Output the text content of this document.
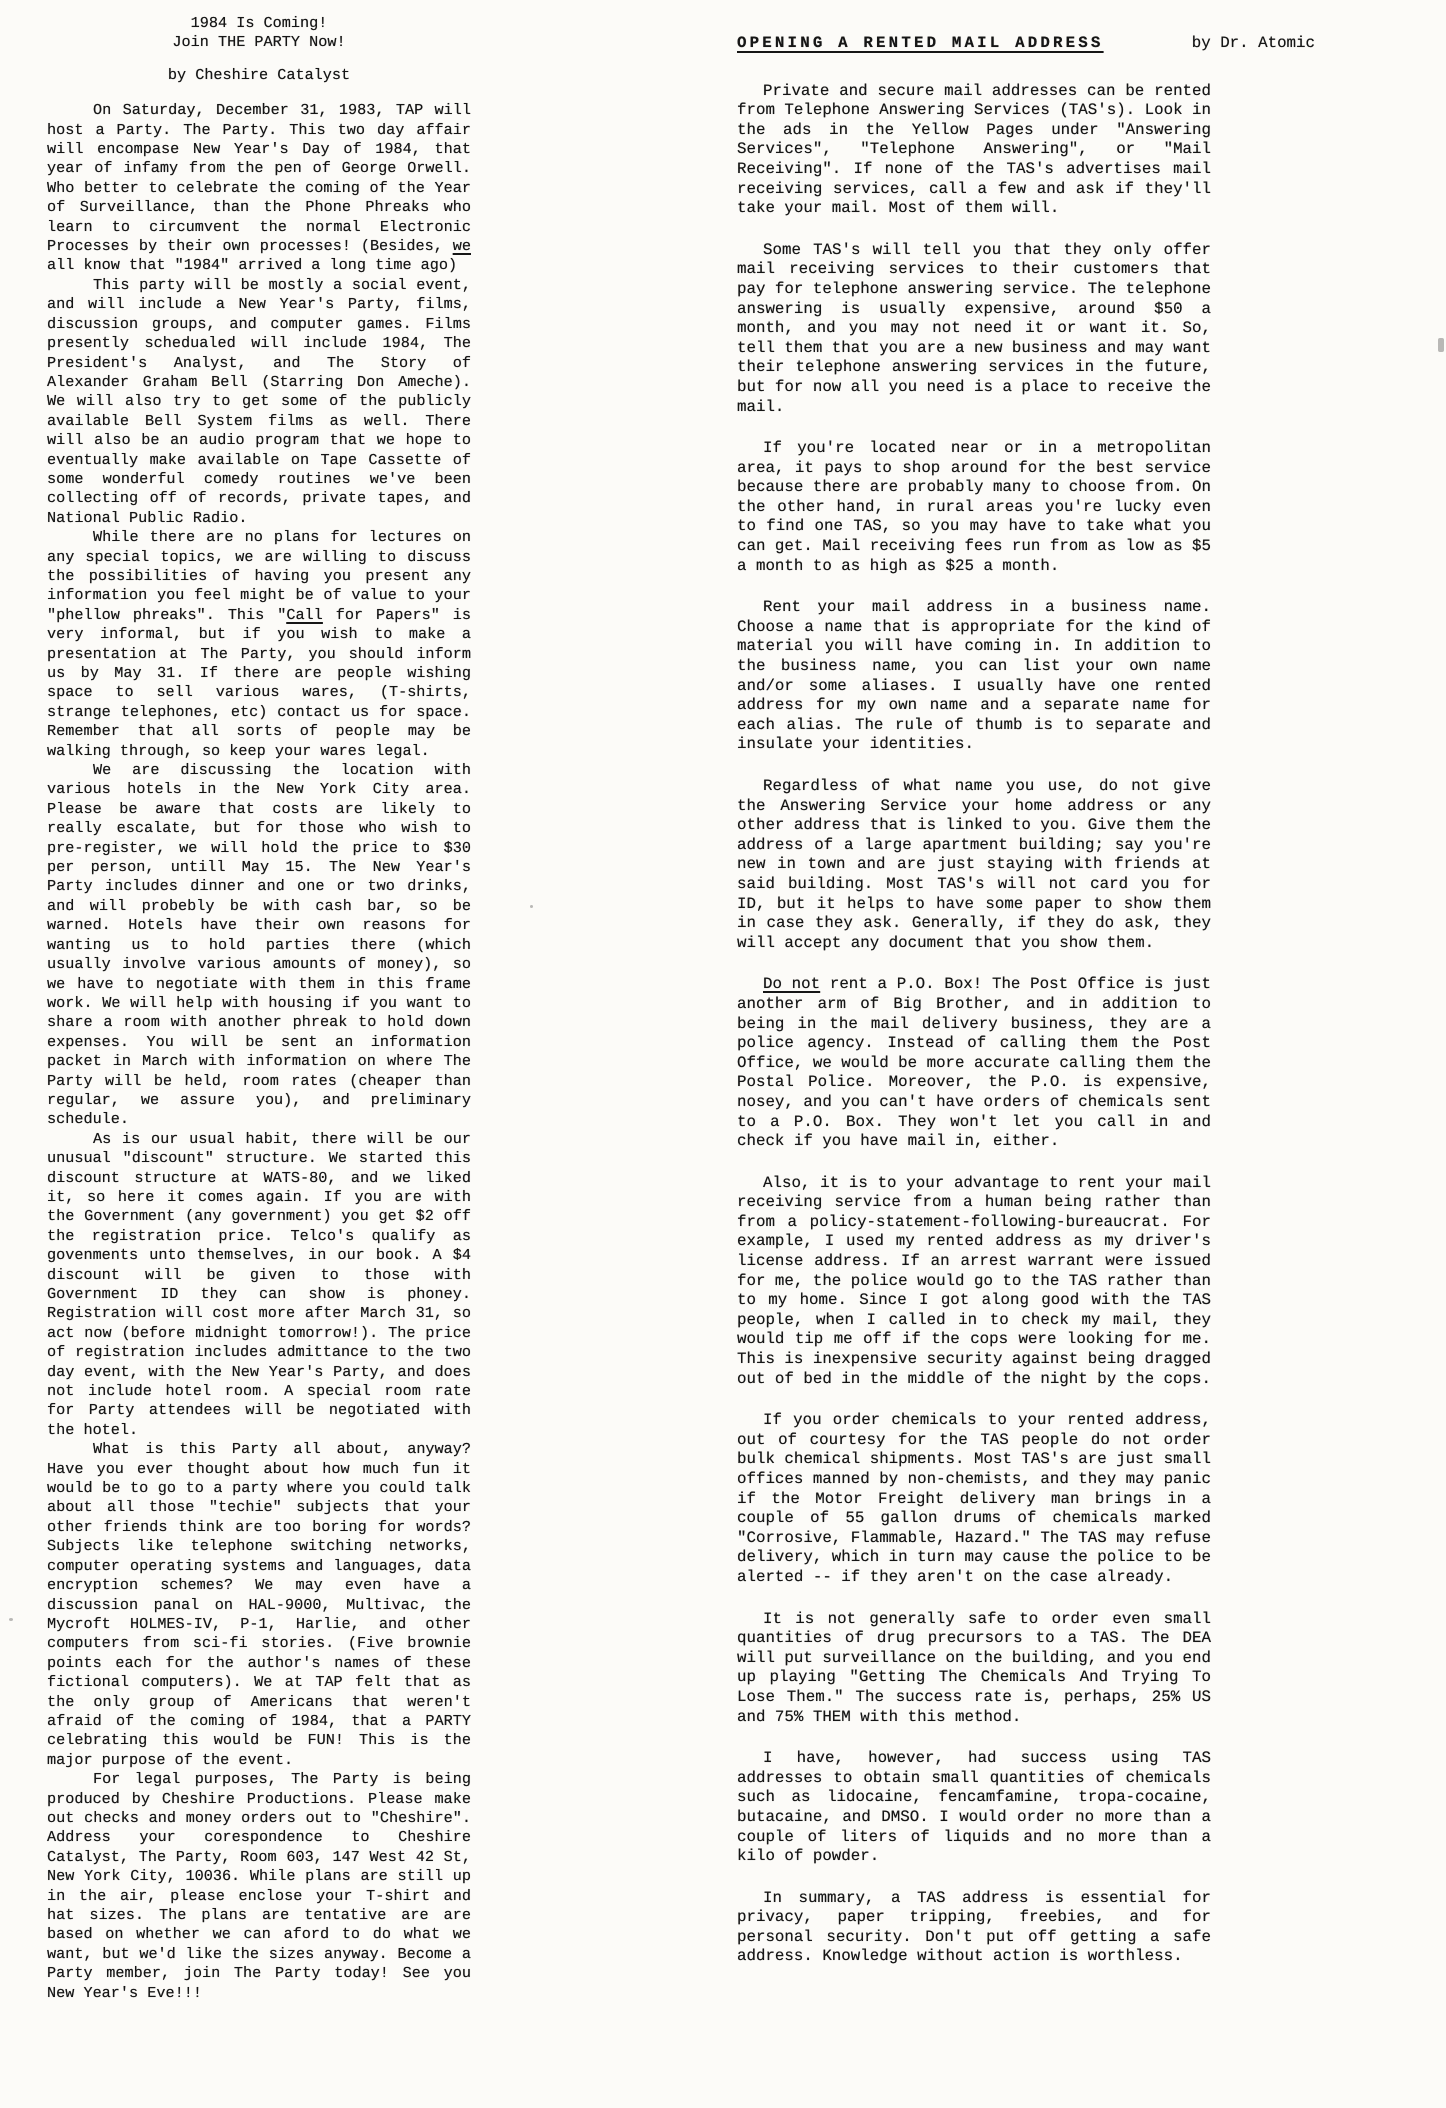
1984 Is Coming!
Join THE PARTY Now!
by Cheshire Catalyst

On Saturday, December 31, 1983, TAP will host a Party. The Party. This two day affair will encompase New Year's Day of 1984, that year of infamy from the pen of George Orwell. Who better to celebrate the coming of the Year of Surveillance, than the Phone Phreaks who learn to circumvent the normal Electronic Processes by their own processes! (Besides, we all know that "1984" arrived a long time ago)

This party will be mostly a social event, and will include a New Year's Party, films, discussion groups, and computer games. Films presently schedualed will include 1984, The President's Analyst, and The Story of Alexander Graham Bell (Starring Don Ameche). We will also try to get some of the publicly available Bell System films as well. There will also be an audio program that we hope to eventually make available on Tape Cassette of some wonderful comedy routines we've been collecting off of records, private tapes, and National Public Radio.

While there are no plans for lectures on any special topics, we are willing to discuss the possibilities of having you present any information you feel might be of value to your "phellow phreaks". This "Call for Papers" is very informal, but if you wish to make a presentation at The Party, you should inform us by May 31. If there are people wishing space to sell various wares, (T-shirts, strange telephones, etc) contact us for space. Remember that all sorts of people may be walking through, so keep your wares legal.

We are discussing the location with various hotels in the New York City area. Please be aware that costs are likely to really escalate, but for those who wish to pre-register, we will hold the price to $30 per person, untill May 15. The New Year's Party includes dinner and one or two drinks, and will probebly be with cash bar, so be warned. Hotels have their own reasons for wanting us to hold parties there (which usually involve various amounts of money), so we have to negotiate with them in this frame work. We will help with housing if you want to share a room with another phreak to hold down expenses. You will be sent an information packet in March with information on where The Party will be held, room rates (cheaper than regular, we assure you), and preliminary schedule.

As is our usual habit, there will be our unusual "discount" structure. We started this discount structure at WATS-80, and we liked it, so here it comes again. If you are with the Government (any government) you get $2 off the registration price. Telco's qualify as govenments unto themselves, in our book. A $4 discount will be given to those with Government ID they can show is phoney. Registration will cost more after March 31, so act now (before midnight tomorrow!). The price of registration includes admittance to the two day event, with the New Year's Party, and does not include hotel room. A special room rate for Party attendees will be negotiated with the hotel.

What is this Party all about, anyway? Have you ever thought about how much fun it would be to go to a party where you could talk about all those "techie" subjects that your other friends think are too boring for words? Subjects like telephone switching networks, computer operating systems and languages, data encryption schemes? We may even have a discussion panal on HAL-9000, Multivac, the Mycroft HOLMES-IV, P-1, Harlie, and other computers from sci-fi stories. (Five brownie points each for the author's names of these fictional computers). We at TAP felt that as the only group of Americans that weren't afraid of the coming of 1984, that a PARTY celebrating this would be FUN! This is the major purpose of the event.

For legal purposes, The Party is being produced by Cheshire Productions. Please make out checks and money orders out to "Cheshire". Address your corespondence to Cheshire Catalyst, The Party, Room 603, 147 West 42 St, New York City, 10036. While plans are still up in the air, please enclose your T-shirt and hat sizes. The plans are tentative are are based on whether we can aford to do what we want, but we'd like the sizes anyway. Become a Party member, join The Party today! See you New Year's Eve!!!

OPENING A RENTED MAIL ADDRESS	by Dr. Atomic

Private and secure mail addresses can be rented from Telephone Answering Services (TAS's). Look in the ads in the Yellow Pages under "Answering Services", "Telephone Answering", or "Mail Receiving". If none of the TAS's advertises mail receiving services, call a few and ask if they'll take your mail. Most of them will.

Some TAS's will tell you that they only offer mail receiving services to their customers that pay for telephone answering service. The telephone answering is usually expensive, around $50 a month, and you may not need it or want it. So, tell them that you are a new business and may want their telephone answering services in the future, but for now all you need is a place to receive the mail.

If you're located near or in a metropolitan area, it pays to shop around for the best service because there are probably many to choose from. On the other hand, in rural areas you're lucky even to find one TAS, so you may have to take what you can get. Mail receiving fees run from as low as $5 a month to as high as $25 a month.

Rent your mail address in a business name. Choose a name that is appropriate for the kind of material you will have coming in. In addition to the business name, you can list your own name and/or some aliases. I usually have one rented address for my own name and a separate name for each alias. The rule of thumb is to separate and insulate your identities.

Regardless of what name you use, do not give the Answering Service your home address or any other address that is linked to you. Give them the address of a large apartment building; say you're new in town and are just staying with friends at said building. Most TAS's will not card you for ID, but it helps to have some paper to show them in case they ask. Generally, if they do ask, they will accept any document that you show them.

Do not rent a P.O. Box! The Post Office is just another arm of Big Brother, and in addition to being in the mail delivery business, they are a police agency. Instead of calling them the Post Office, we would be more accurate calling them the Postal Police. Moreover, the P.O. is expensive, nosey, and you can't have orders of chemicals sent to a P.O. Box. They won't let you call in and check if you have mail in, either.

Also, it is to your advantage to rent your mail receiving service from a human being rather than from a policy-statement-following-bureaucrat. For example, I used my rented address as my driver's license address. If an arrest warrant were issued for me, the police would go to the TAS rather than to my home. Since I got along good with the TAS people, when I called in to check my mail, they would tip me off if the cops were looking for me. This is inexpensive security against being dragged out of bed in the middle of the night by the cops.

If you order chemicals to your rented address, out of courtesy for the TAS people do not order bulk chemical shipments. Most TAS's are just small offices manned by non-chemists, and they may panic if the Motor Freight delivery man brings in a couple of 55 gallon drums of chemicals marked "Corrosive, Flammable, Hazard." The TAS may refuse delivery, which in turn may cause the police to be alerted -- if they aren't on the case already.

It is not generally safe to order even small quantities of drug precursors to a TAS. The DEA will put surveillance on the building, and you end up playing "Getting The Chemicals And Trying To Lose Them." The success rate is, perhaps, 25% US and 75% THEM with this method.

I have, however, had success using TAS addresses to obtain small quantities of chemicals such as lidocaine, fencamfamine, tropa-cocaine, butacaine, and DMSO. I would order no more than a couple of liters of liquids and no more than a kilo of powder.

In summary, a TAS address is essential for privacy, paper tripping, freebies, and for personal security. Don't put off getting a safe address. Knowledge without action is worthless.
